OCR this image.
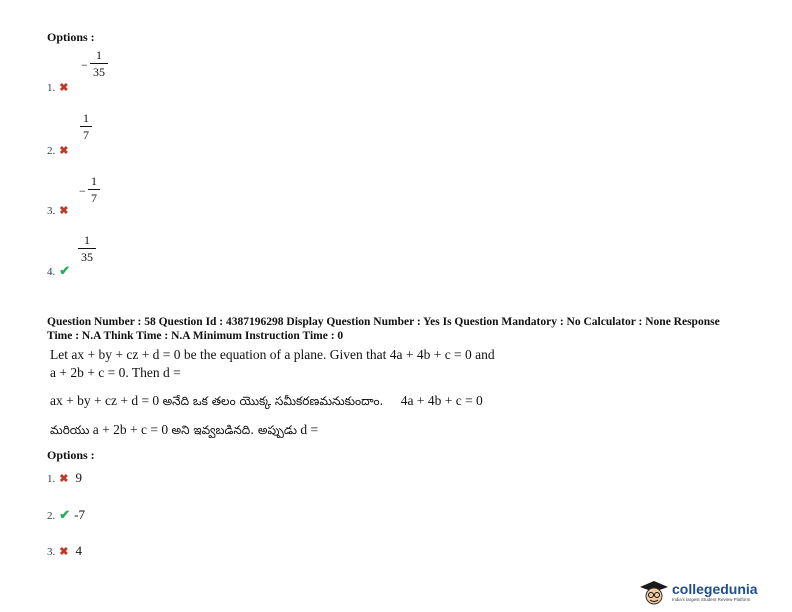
Options :
1. ✖
−
1
35
2. ✖
1
7
3. ✖
−
1
7
4. ✔
1
35
Question Number : 58 Question Id : 4387196298 Display Question Number : Yes Is Question Mandatory : No Calculator : None Response
Time : N.A Think Time : N.A Minimum Instruction Time : 0
Let ax + by + cz + d = 0 be the equation of a plane. Given that 4a + 4b + c = 0 and
a + 2b + c = 0. Then d =
ax + by + cz + d = 0 అనేది ఒక తలం యొక్క సమీకరణమనుకుందాం. 4a + 4b + c = 0
మరియు a + 2b + c = 0 అని ఇవ్వబడినది. అప్పుడు d =
Options :
1. ✖ 9
2. ✔ -7
3. ✖ 4
collegedunia
India's largest Student Review Platform
